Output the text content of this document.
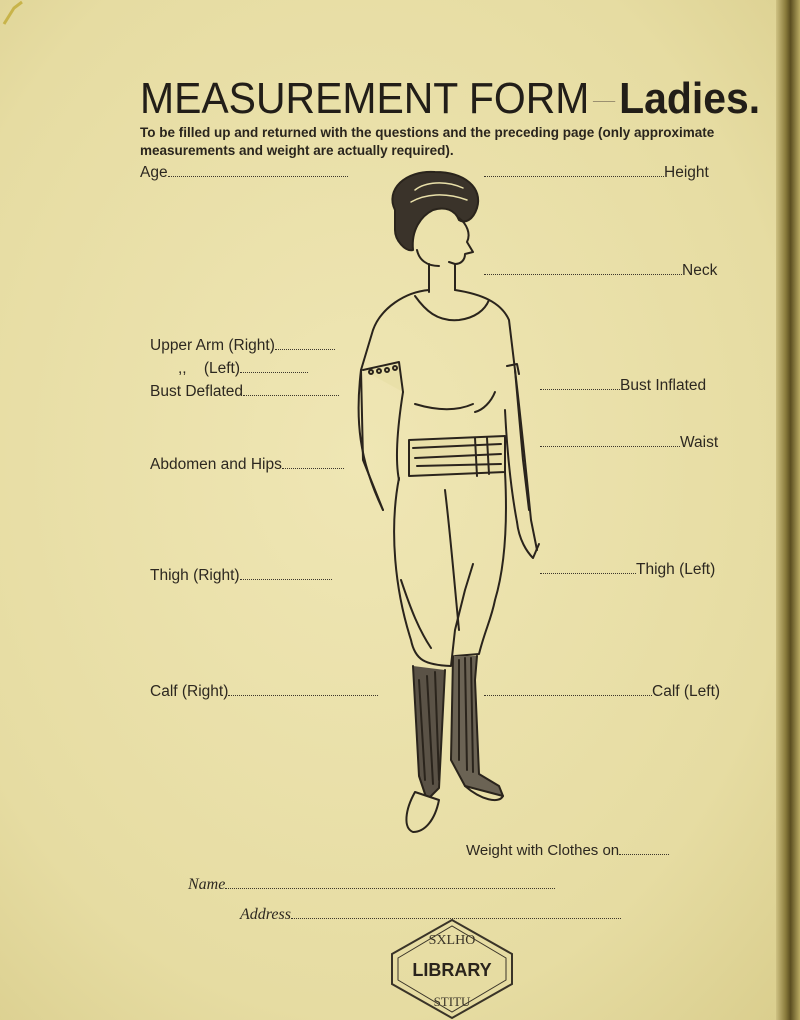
MEASUREMENT FORM Ladies.
To be filled up and returned with the questions and the preceding page (only approximate measurements and weight are actually required).
Age
Upper Arm (Right)
,,    (Left)
Bust Deflated
Abdomen and Hips
Thigh (Right)
Calf (Right)
Height
Neck
Bust Inflated
Waist
Thigh (Left)
Calf (Left)
Weight with Clothes on
Name
Address
SXLHO
LIBRARY
STITU
